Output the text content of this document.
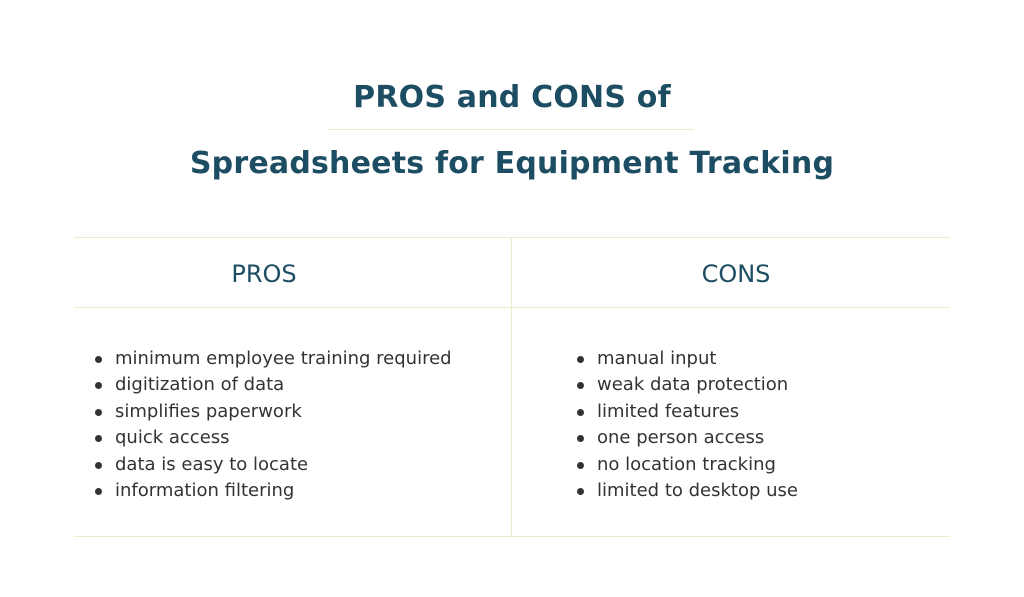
PROS and CONS of
Spreadsheets for Equipment Tracking
PROS	CONS
minimum employee training required
digitization of data
simplifies paperwork
quick access
data is easy to locate
information filtering
manual input
weak data protection
limited features
one person access
no location tracking
limited to desktop use
